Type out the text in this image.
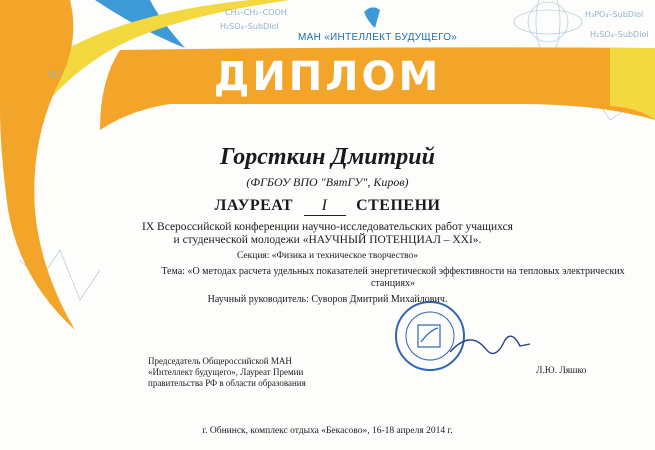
CH₃–CH₂–COOH
H₂SO₄–SubDiol
H₃PO₄–SubDiol
HCl
H₂SO₄–SubDiol
МАН «ИНТЕЛЛЕКТ БУДУЩЕГО»
ДИПЛОМ
Горсткин Дмитрий
(ФГБОУ ВПО "ВятГУ", Киров)
ЛАУРЕАТ I СТЕПЕНИ
IX Всероссийской конференции научно-исследовательских работ учащихся
и студенческой молодежи «НАУЧНЫЙ ПОТЕНЦИАЛ – XXI».
Секция: «Физика и техническое творчество»
Тема: «О методах расчета удельных показателей энергетической эффективности на тепловых электрических станциях»
Научный руководитель: Суворов Дмитрий Михайлович.
Председатель Общероссийской МАН
«Интеллект будущего», Лауреат Премии
правительства РФ в области образования
Л.Ю. Ляшко
г. Обнинск, комплекс отдыха «Бекасово», 16-18 апреля 2014 г.
